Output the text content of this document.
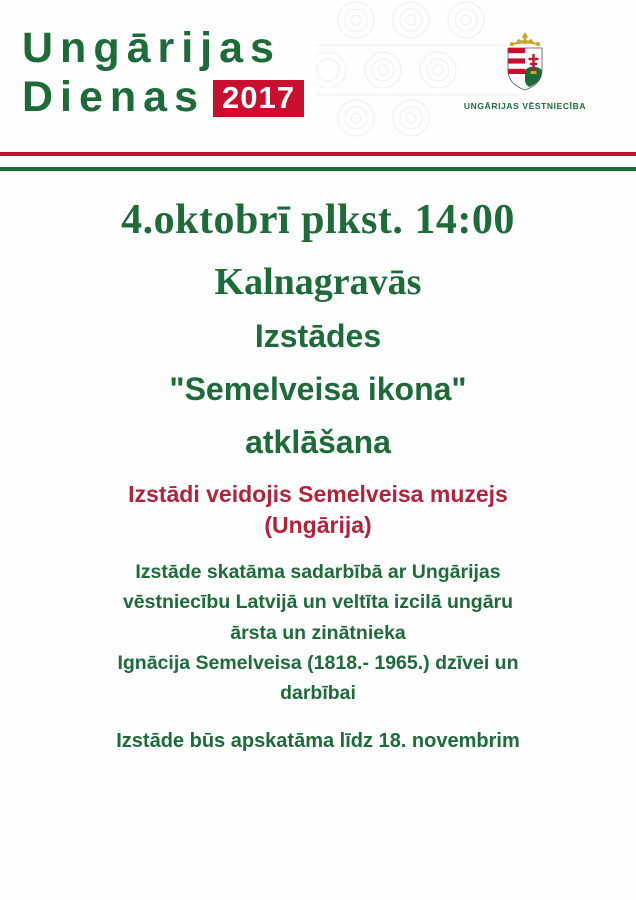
Ungārijas
Dienas 2017	UNGĀRIJAS VĒSTNIECĪBA
4.oktobrī plkst. 14:00
Kalnagravās
Izstādes
"Semelveisa ikona"
atklāšana
Izstādi veidojis Semelveisa muzejs
(Ungārija)
Izstāde skatāma sadarbībā ar Ungārijas
vēstniecību Latvijā un veltīta izcilā ungāru
ārsta un zinātnieka
Ignācija Semelveisa (1818.- 1965.) dzīvei un
darbībai
Izstāde būs apskatāma līdz 18. novembrim
